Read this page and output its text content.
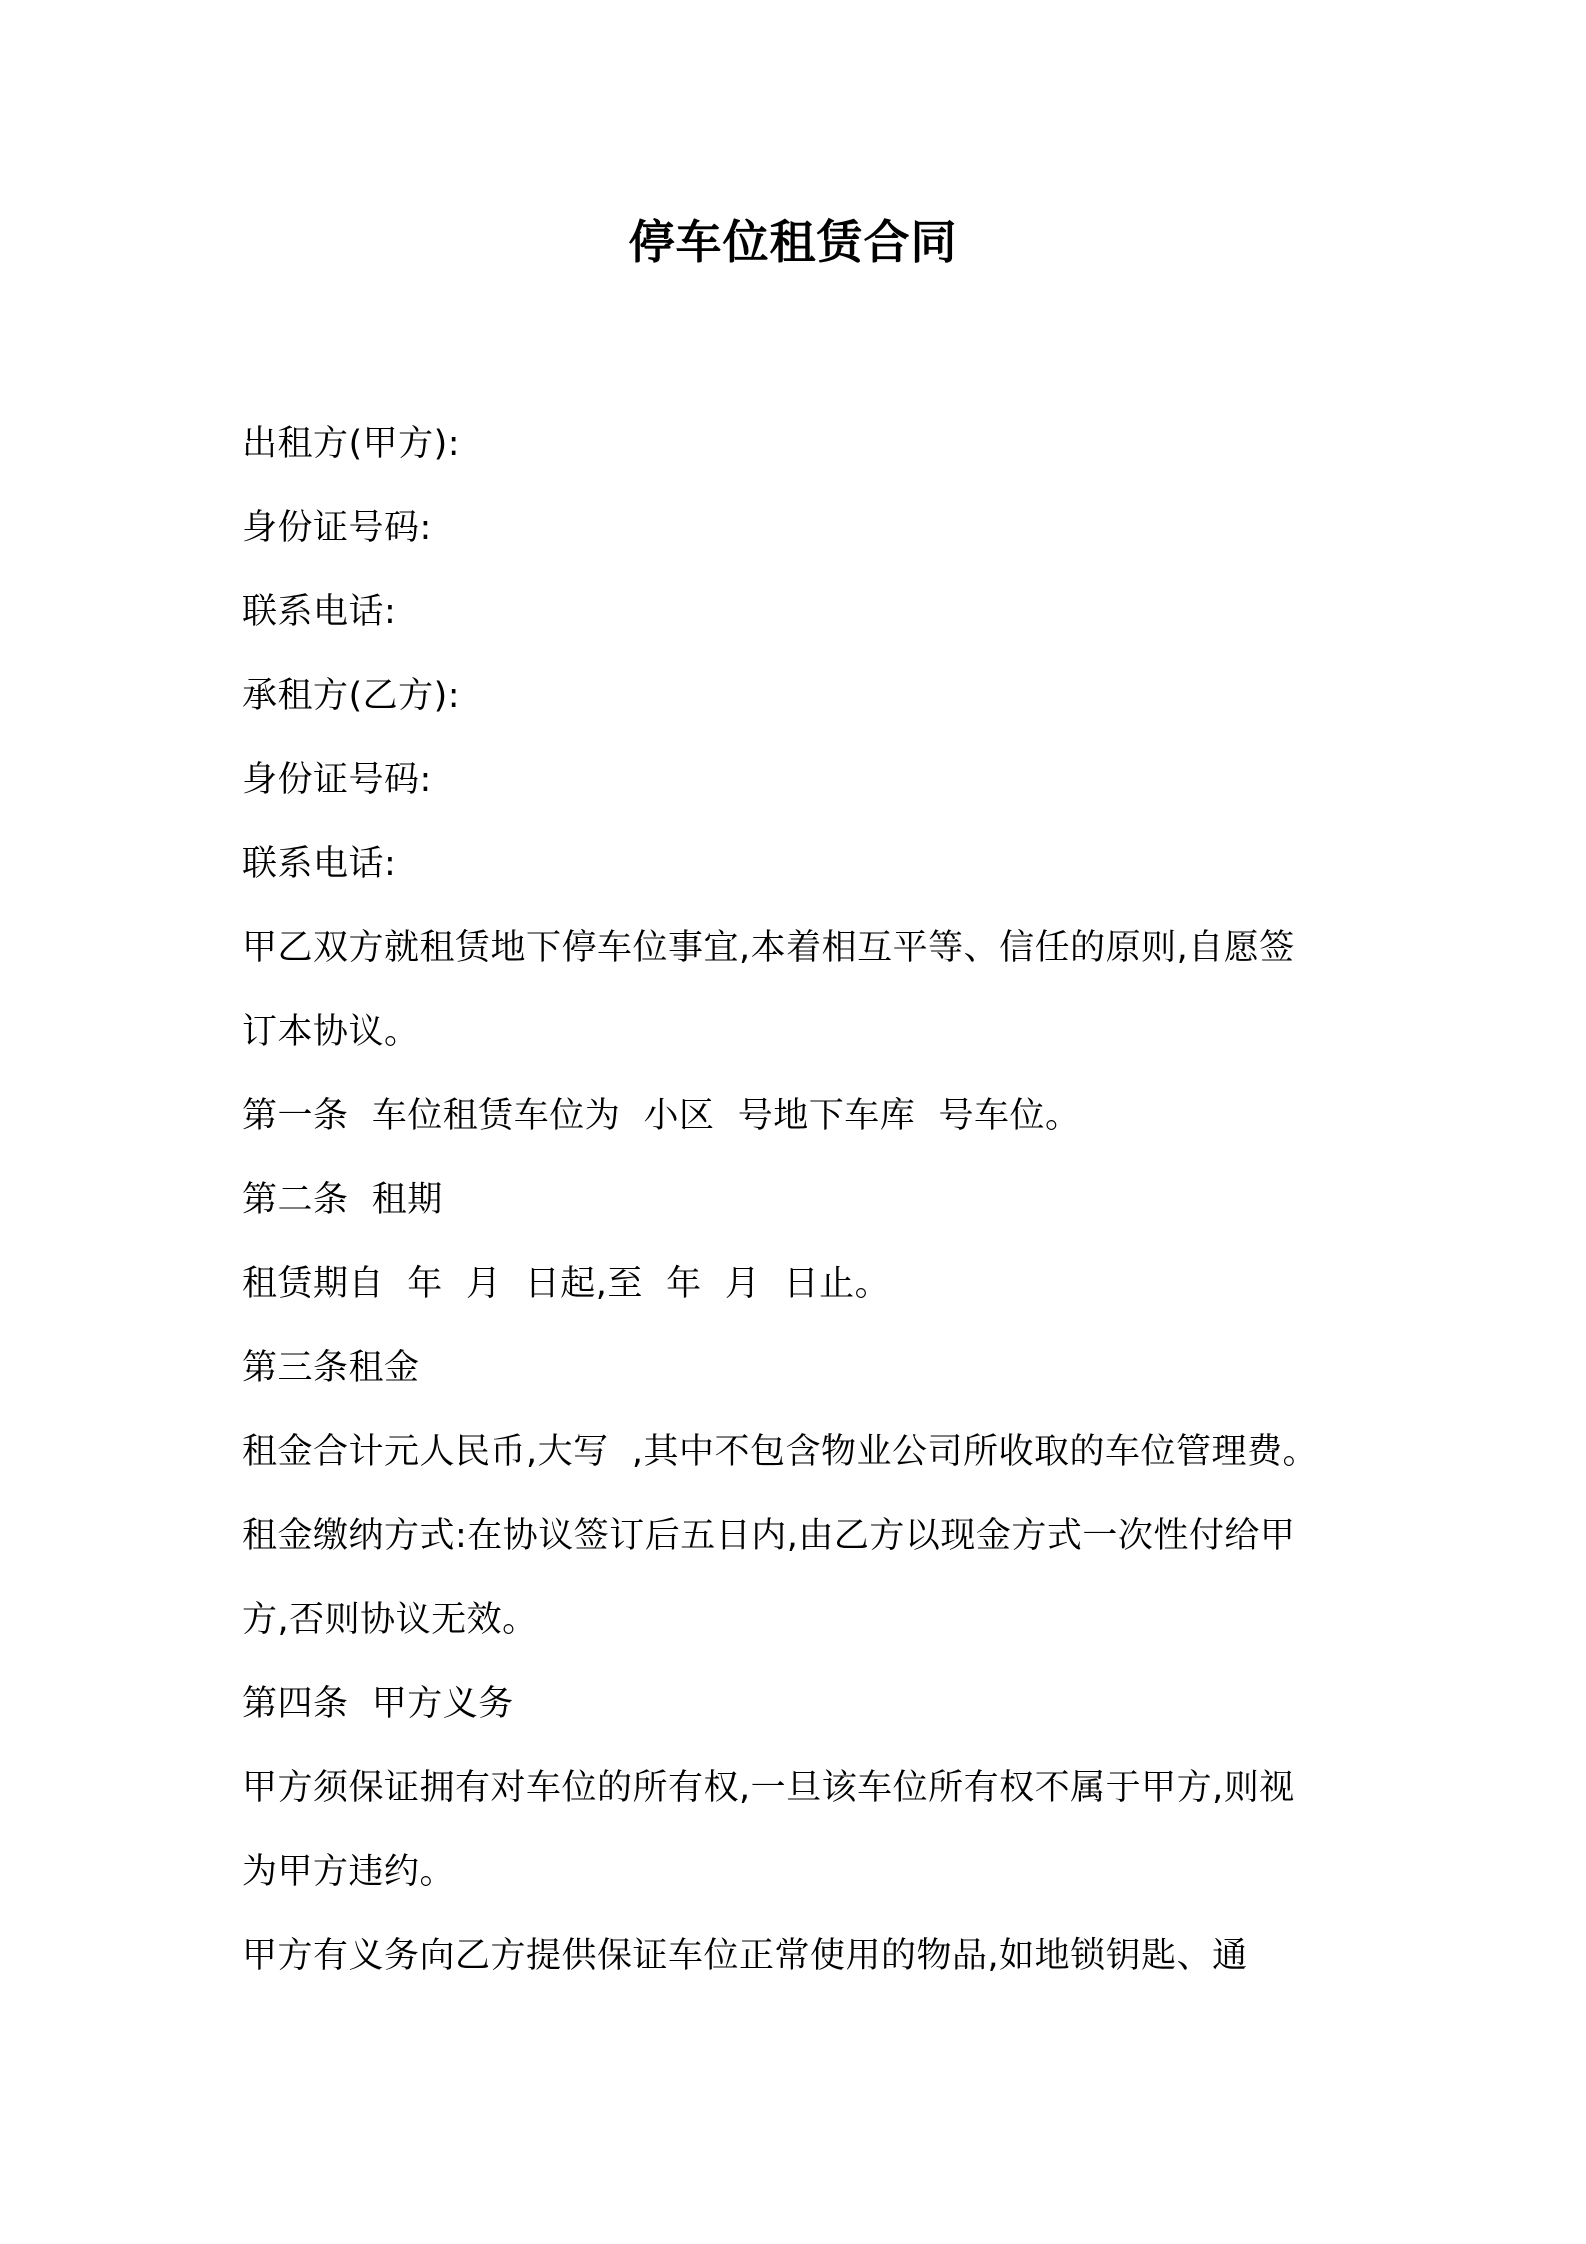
停车位租赁合同

出租方(甲方):

身份证号码:

联系电话:

承租方(乙方):

身份证号码:

联系电话:

甲乙双方就租赁地下停车位事宜,本着相互平等、信任的原则,自愿签

订本协议。

第一条  车位租赁车位为  小区  号地下车库  号车位。

第二条  租期

租赁期自  年  月  日起,至  年  月  日止。

第三条租金

租金合计元人民币,大写  ,其中不包含物业公司所收取的车位管理费。

租金缴纳方式:在协议签订后五日内,由乙方以现金方式一次性付给甲

方,否则协议无效。

第四条  甲方义务

甲方须保证拥有对车位的所有权,一旦该车位所有权不属于甲方,则视

为甲方违约。

甲方有义务向乙方提供保证车位正常使用的物品,如地锁钥匙、通
